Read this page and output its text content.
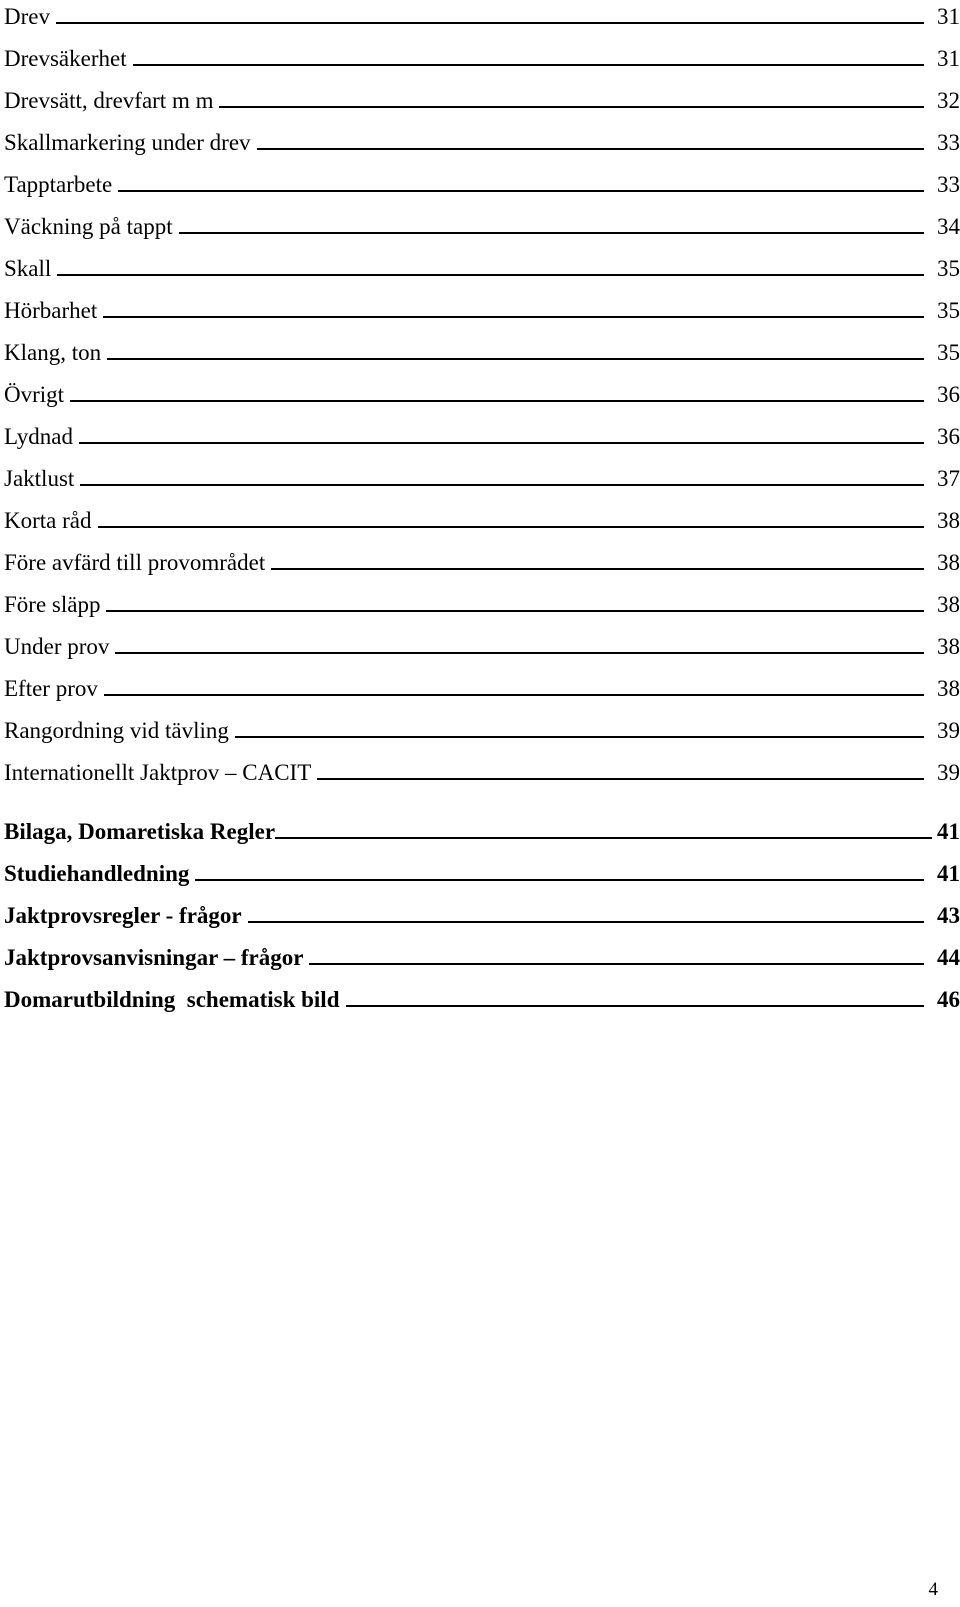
Drev	31
Drevsäkerhet	31
Drevsätt, drevfart m m	32
Skallmarkering under drev	33
Tapptarbete	33
Väckning på tappt	34
Skall	35
Hörbarhet	35
Klang, ton	35
Övrigt	36
Lydnad	36
Jaktlust	37
Korta råd	38
Före avfärd till provområdet	38
Före släpp	38
Under prov	38
Efter prov	38
Rangordning vid tävling	39
Internationellt Jaktprov – CACIT	39
Bilaga, Domaretiska Regler	41
Studiehandledning	41
Jaktprovsregler - frågor	43
Jaktprovsanvisningar – frågor	44
Domarutbildning  schematisk bild	46
4
